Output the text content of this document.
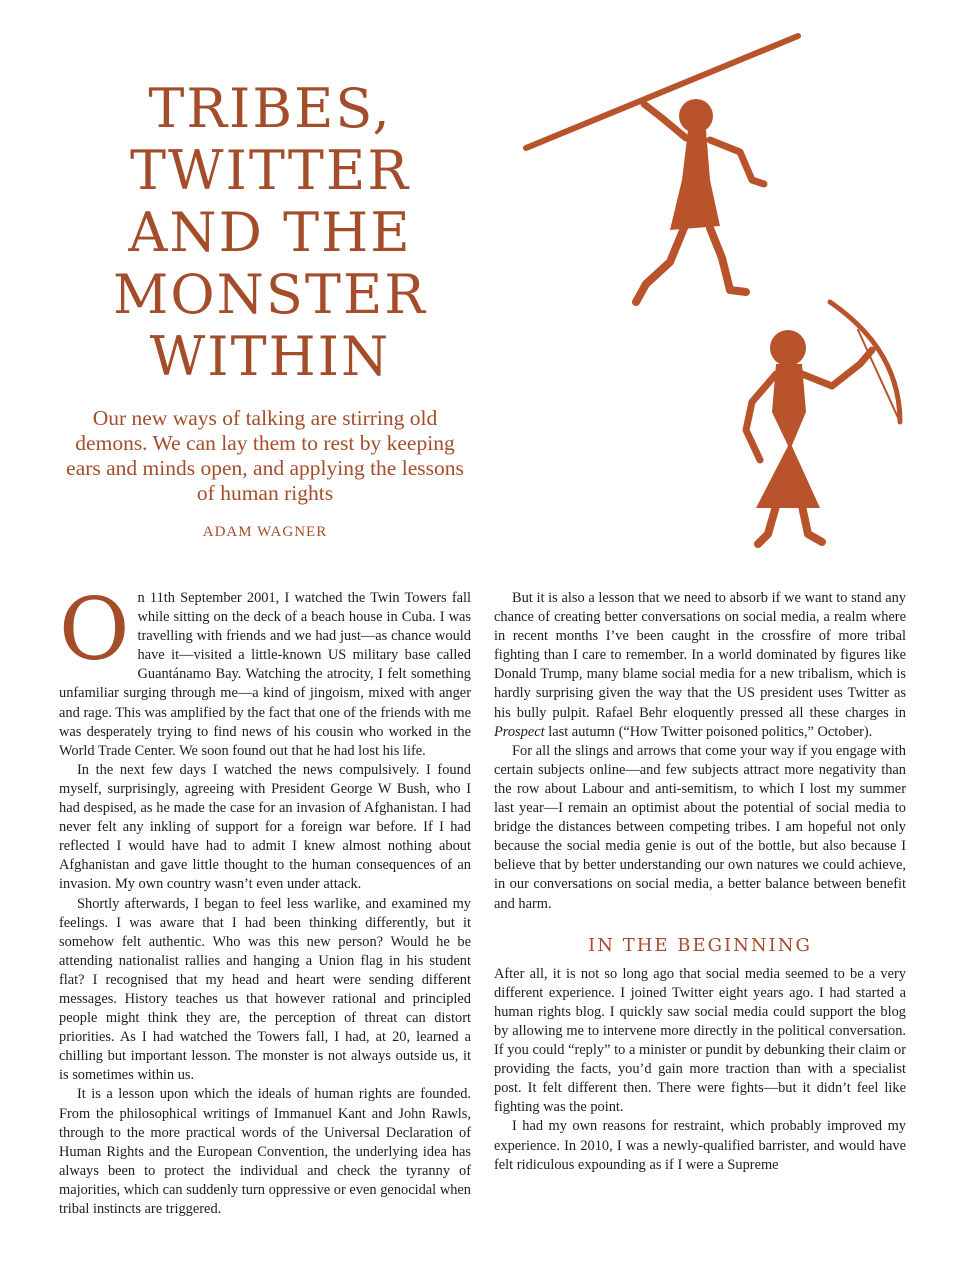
TRIBES,
TWITTER
AND THE
MONSTER
WITHIN

Our new ways of talking are stirring old demons. We can lay them to rest by keeping ears and minds open, and applying the lessons of human rights

ADAM WAGNER

On 11th September 2001, I watched the Twin Towers fall while sitting on the deck of a beach house in Cuba. I was travelling with friends and we had just—as chance would have it—visited a little-known US military base called Guantánamo Bay. Watching the atrocity, I felt something unfamiliar surging through me—a kind of jingoism, mixed with anger and rage. This was amplified by the fact that one of the friends with me was desperately trying to find news of his cousin who worked in the World Trade Center. We soon found out that he had lost his life.

In the next few days I watched the news compulsively. I found myself, surprisingly, agreeing with President George W Bush, who I had despised, as he made the case for an invasion of Afghanistan. I had never felt any inkling of support for a foreign war before. If I had reflected I would have had to admit I knew almost nothing about Afghanistan and gave little thought to the human consequences of an invasion. My own country wasn’t even under attack.

Shortly afterwards, I began to feel less warlike, and examined my feelings. I was aware that I had been thinking differently, but it somehow felt authentic. Who was this new person? Would he be attending nationalist rallies and hanging a Union flag in his student flat? I recognised that my head and heart were sending different messages. History teaches us that however rational and principled people might think they are, the perception of threat can distort priorities. As I had watched the Towers fall, I had, at 20, learned a chilling but important lesson. The monster is not always outside us, it is sometimes within us.

It is a lesson upon which the ideals of human rights are founded. From the philosophical writings of Immanuel Kant and John Rawls, through to the more practical words of the Universal Declaration of Human Rights and the European Convention, the underlying idea has always been to protect the individual and check the tyranny of majorities, which can suddenly turn oppressive or even genocidal when tribal instincts are triggered.

But it is also a lesson that we need to absorb if we want to stand any chance of creating better conversations on social media, a realm where in recent months I’ve been caught in the crossfire of more tribal fighting than I care to remember. In a world dominated by figures like Donald Trump, many blame social media for a new tribalism, which is hardly surprising given the way that the US president uses Twitter as his bully pulpit. Rafael Behr eloquently pressed all these charges in Prospect last autumn (“How Twitter poisoned politics,” October).

For all the slings and arrows that come your way if you engage with certain subjects online—and few subjects attract more negativity than the row about Labour and anti-semitism, to which I lost my summer last year—I remain an optimist about the potential of social media to bridge the distances between competing tribes. I am hopeful not only because the social media genie is out of the bottle, but also because I believe that by better understanding our own natures we could achieve, in our conversations on social media, a better balance between benefit and harm.

IN THE BEGINNING

After all, it is not so long ago that social media seemed to be a very different experience. I joined Twitter eight years ago. I had started a human rights blog. I quickly saw social media could support the blog by allowing me to intervene more directly in the political conversation. If you could “reply” to a minister or pundit by debunking their claim or providing the facts, you’d gain more traction than with a specialist post. It felt different then. There were fights—but it didn’t feel like fighting was the point.

I had my own reasons for restraint, which probably improved my experience. In 2010, I was a newly-qualified barrister, and would have felt ridiculous expounding as if I were a Supreme
